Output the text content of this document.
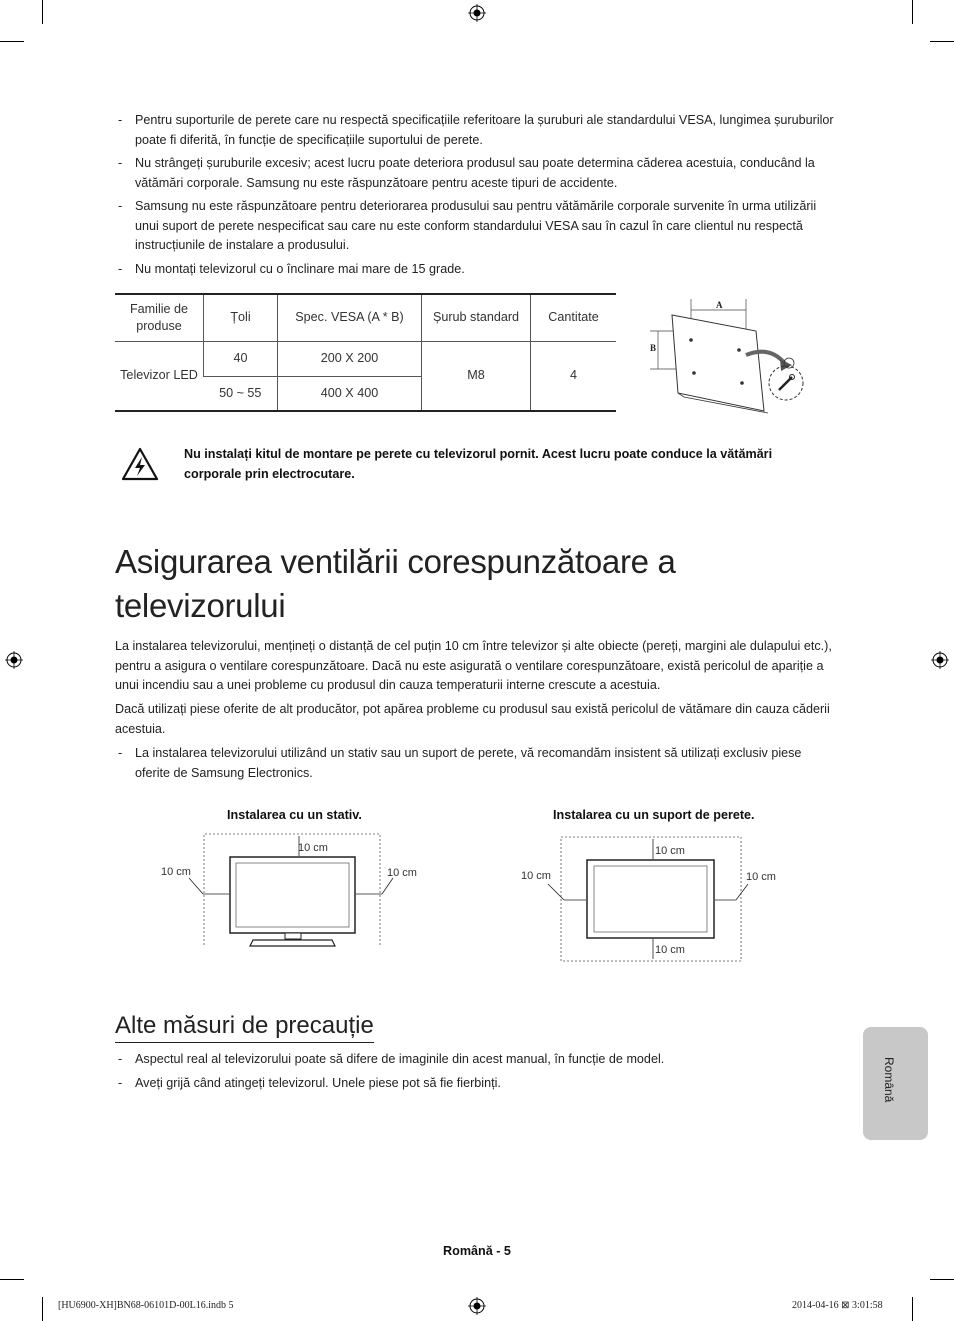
- Pentru suporturile de perete care nu respectă specificațiile referitoare la șuruburi ale standardului VESA, lungimea șuruburilor poate fi diferită, în funcție de specificațiile suportului de perete.
- Nu strângeți șuruburile excesiv; acest lucru poate deteriora produsul sau poate determina căderea acestuia, conducând la vătămări corporale. Samsung nu este răspunzătoare pentru aceste tipuri de accidente.
- Samsung nu este răspunzătoare pentru deteriorarea produsului sau pentru vătămările corporale survenite în urma utilizării unui suport de perete nespecificat sau care nu este conform standardului VESA sau în cazul în care clientul nu respectă instrucțiunile de instalare a produsului.
- Nu montați televizorul cu o înclinare mai mare de 15 grade.
Familie de produse	Țoli	Spec. VESA (A * B)	Șurub standard	Cantitate
Televizor LED	40	200 X 200	M8	4
	50 ~ 55	400 X 400		
A
B
Nu instalați kitul de montare pe perete cu televizorul pornit. Acest lucru poate conduce la vătămări corporale prin electrocutare.
Asigurarea ventilării corespunzătoare a televizorului

La instalarea televizorului, mențineți o distanță de cel puțin 10 cm între televizor și alte obiecte (pereți, margini ale dulapului etc.), pentru a asigura o ventilare corespunzătoare. Dacă nu este asigurată o ventilare corespunzătoare, există pericolul de apariție a unui incendiu sau a unei probleme cu produsul din cauza temperaturii interne crescute a acestuia.

Dacă utilizați piese oferite de alt producător, pot apărea probleme cu produsul sau există pericolul de vătămare din cauza căderii acestuia.

- La instalarea televizorului utilizând un stativ sau un suport de perete, vă recomandăm insistent să utilizați exclusiv piese oferite de Samsung Electronics.
Instalarea cu un stativ.	Instalarea cu un suport de perete.
10 cm
10 cm	10 cm
10 cm
10 cm
10 cm	10 cm
Alte măsuri de precauție
- Aspectul real al televizorului poate să difere de imaginile din acest manual, în funcție de model.
- Aveți grijă când atingeți televizorul. Unele piese pot să fie fierbinți.	Română
Română - 5
[HU6900-XH]BN68-06101D-00L16.indb 5	2014-04-16 ⊠ 3:01:58
